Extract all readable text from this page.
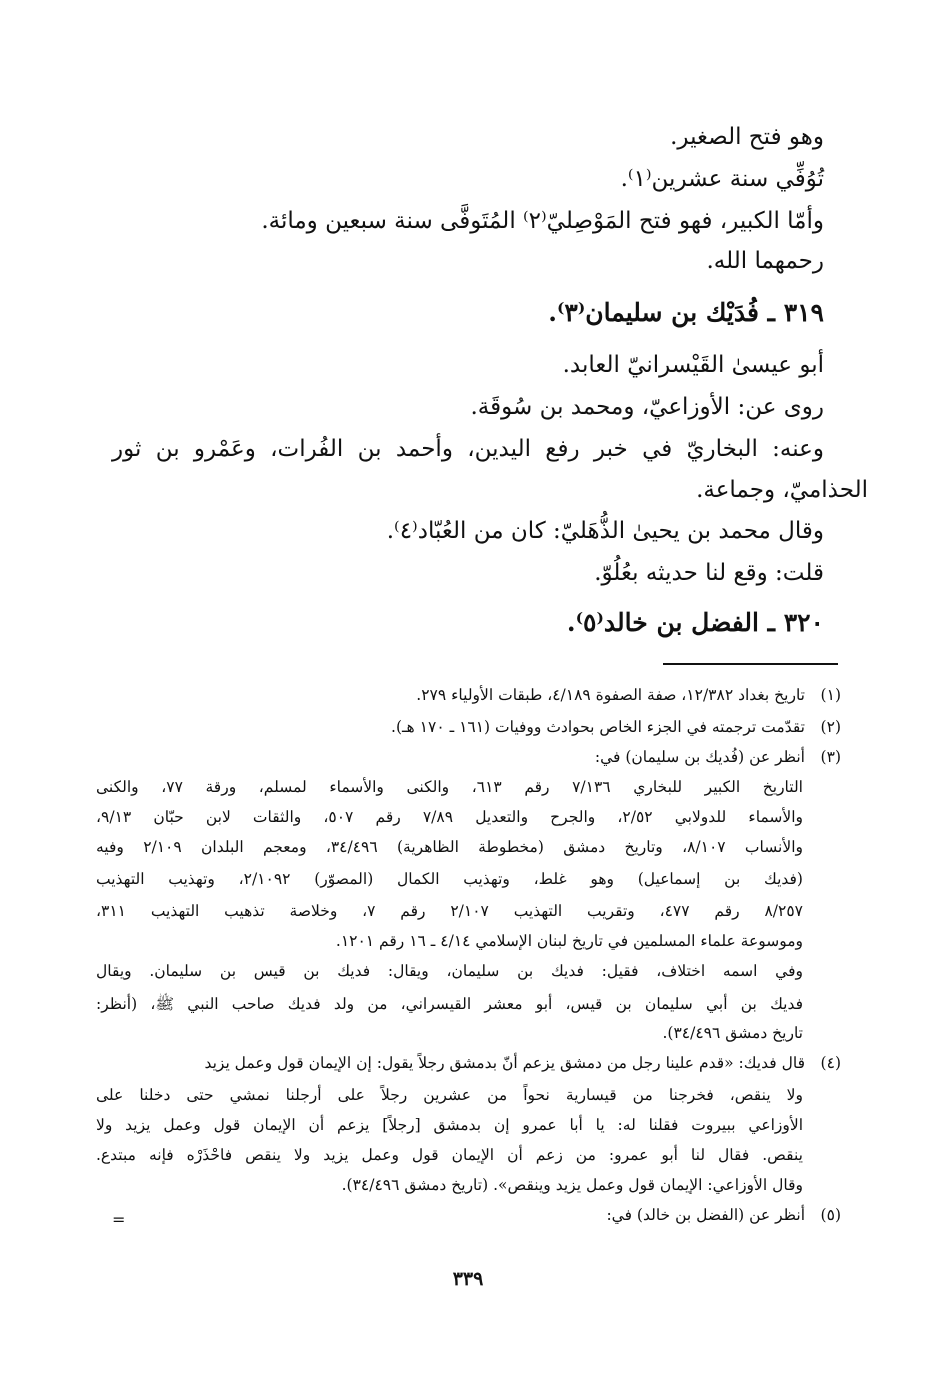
وهو فتح الصغير.
تُوُفِّي سنة عشرين⁽١⁾.
وأمّا الكبير، فهو فتح المَوْصِليّ⁽٢⁾ المُتَوفَّى سنة سبعين ومائة.
رحمهما الله.
٣١٩ ـ فُدَيْك بن سليمان⁽٣⁾.
أبو عيسىٰ القَيْسرانيّ العابد.
روى عن: الأوزاعيّ، ومحمد بن سُوقَة.
وعنه: البخاريّ في خبر رفع اليدين، وأحمد بن الفُرات، وعَمْرو بن ثور
الحذاميّ، وجماعة.
وقال محمد بن يحيىٰ الذُّهَليّ: كان من العُبّاد⁽٤⁾.
قلت: وقع لنا حديثه بعُلُوّ.
٣٢٠ ـ الفضل بن خالد⁽٥⁾.
(١)تاريخ بغداد ١٢/٣٨٢، صفة الصفوة ٤/١٨٩، طبقات الأولياء ٢٧٩.
(٢)تقدّمت ترجمته في الجزء الخاص بحوادث ووفيات (١٦١ ـ ١٧٠ هـ).
(٣)أنظر عن (فُديك بن سليمان) في:
التاريخ الكبير للبخاري ٧/١٣٦ رقم ٦١٣، والكنى والأسماء لمسلم، ورقة ٧٧، والكنى
والأسماء للدولابي ٢/٥٢، والجرح والتعديل ٧/٨٩ رقم ٥٠٧، والثقات لابن حبّان ٩/١٣،
والأنساب ٨/١٠٧، وتاريخ دمشق (مخطوطة الظاهرية) ٣٤/٤٩٦، ومعجم البلدان ٢/١٠٩ وفيه
(فديك بن إسماعيل) وهو غلط، وتهذيب الكمال (المصوّر) ٢/١٠٩٢، وتهذيب التهذيب
٨/٢٥٧ رقم ٤٧٧، وتقريب التهذيب ٢/١٠٧ رقم ٧، وخلاصة تذهيب التهذيب ٣١١،
وموسوعة علماء المسلمين في تاريخ لبنان الإسلامي ٤/١٤ ـ ١٦ رقم ١٢٠١.
وفي اسمه اختلاف، فقيل: فديك بن سليمان، ويقال: فديك بن قيس بن سليمان. ويقال
فديك بن أبي سليمان بن قيس، أبو معشر القيسراني، من ولد فديك صاحب النبي ﷺ، (أنظر:
تاريخ دمشق ٣٤/٤٩٦).
(٤)قال فديك: «قدم علينا رجل من دمشق يزعم أنّ بدمشق رجلاً يقول: إن الإيمان قول وعمل يزيد
ولا ينقص، فخرجنا من قيسارية نحواً من عشرين رجلاً على أرجلنا نمشي حتى دخلنا على
الأوزاعي ببيروت فقلنا له: يا أبا عمرو إن بدمشق [رجلاً] يزعم أن الإيمان قول وعمل يزيد ولا
ينقص. فقال لنا أبو عمرو: من زعم أن الإيمان قول وعمل يزيد ولا ينقص فاحْذَرْه فإنه مبتدع.
وقال الأوزاعي: الإيمان قول وعمل يزيد وينقص». (تاريخ دمشق ٣٤/٤٩٦).
(٥)أنظر عن (الفضل بن خالد) في:
=
٣٣٩
